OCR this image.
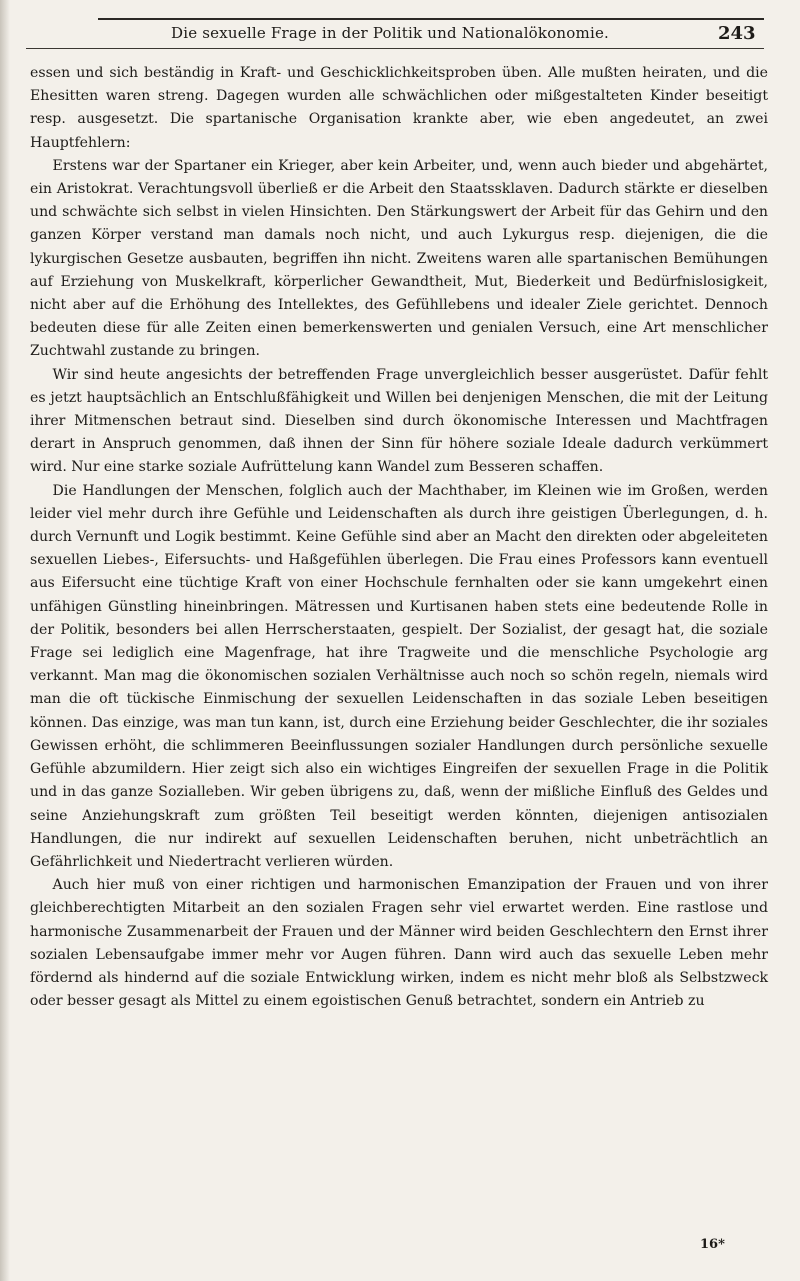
Die sexuelle Frage in der Politik und Nationalökonomie.	243

essen und sich beständig in Kraft- und Geschicklichkeitsproben üben. Alle mußten heiraten, und die Ehesitten waren streng. Dagegen wurden alle schwächlichen oder mißgestalteten Kinder beseitigt resp. ausgesetzt. Die spartanische Organisation krankte aber, wie eben angedeutet, an zwei Hauptfehlern:

Erstens war der Spartaner ein Krieger, aber kein Arbeiter, und, wenn auch bieder und abgehärtet, ein Aristokrat. Verachtungsvoll überließ er die Arbeit den Staatssklaven. Dadurch stärkte er dieselben und schwächte sich selbst in vielen Hinsichten. Den Stärkungswert der Arbeit für das Gehirn und den ganzen Körper verstand man damals noch nicht, und auch Lykurgus resp. diejenigen, die die lykurgischen Gesetze ausbauten, begriffen ihn nicht. Zweitens waren alle spartanischen Bemühungen auf Erziehung von Muskelkraft, körperlicher Gewandtheit, Mut, Biederkeit und Bedürfnislosigkeit, nicht aber auf die Erhöhung des Intellektes, des Gefühllebens und idealer Ziele gerichtet. Dennoch bedeuten diese für alle Zeiten einen bemerkenswerten und genialen Versuch, eine Art menschlicher Zuchtwahl zustande zu bringen.

Wir sind heute angesichts der betreffenden Frage unvergleichlich besser ausgerüstet. Dafür fehlt es jetzt hauptsächlich an Entschlußfähigkeit und Willen bei denjenigen Menschen, die mit der Leitung ihrer Mitmenschen betraut sind. Dieselben sind durch ökonomische Interessen und Machtfragen derart in Anspruch genommen, daß ihnen der Sinn für höhere soziale Ideale dadurch verkümmert wird. Nur eine starke soziale Aufrüttelung kann Wandel zum Besseren schaffen.

Die Handlungen der Menschen, folglich auch der Machthaber, im Kleinen wie im Großen, werden leider viel mehr durch ihre Gefühle und Leidenschaften als durch ihre geistigen Überlegungen, d. h. durch Vernunft und Logik bestimmt. Keine Gefühle sind aber an Macht den direkten oder abgeleiteten sexuellen Liebes-, Eifersuchts- und Haßgefühlen überlegen. Die Frau eines Professors kann eventuell aus Eifersucht eine tüchtige Kraft von einer Hochschule fernhalten oder sie kann umgekehrt einen unfähigen Günstling hineinbringen. Mätressen und Kurtisanen haben stets eine bedeutende Rolle in der Politik, besonders bei allen Herrscherstaaten, gespielt. Der Sozialist, der gesagt hat, die soziale Frage sei lediglich eine Magenfrage, hat ihre Tragweite und die menschliche Psychologie arg verkannt. Man mag die ökonomischen sozialen Verhältnisse auch noch so schön regeln, niemals wird man die oft tückische Einmischung der sexuellen Leidenschaften in das soziale Leben beseitigen können. Das einzige, was man tun kann, ist, durch eine Erziehung beider Geschlechter, die ihr soziales Gewissen erhöht, die schlimmeren Beeinflussungen sozialer Handlungen durch persönliche sexuelle Gefühle abzumildern. Hier zeigt sich also ein wichtiges Eingreifen der sexuellen Frage in die Politik und in das ganze Sozialleben. Wir geben übrigens zu, daß, wenn der mißliche Einfluß des Geldes und seine Anziehungskraft zum größten Teil beseitigt werden könnten, diejenigen antisozialen Handlungen, die nur indirekt auf sexuellen Leidenschaften beruhen, nicht unbeträchtlich an Gefährlichkeit und Niedertracht verlieren würden.

Auch hier muß von einer richtigen und harmonischen Emanzipation der Frauen und von ihrer gleichberechtigten Mitarbeit an den sozialen Fragen sehr viel erwartet werden. Eine rastlose und harmonische Zusammenarbeit der Frauen und der Männer wird beiden Geschlechtern den Ernst ihrer sozialen Lebensaufgabe immer mehr vor Augen führen. Dann wird auch das sexuelle Leben mehr fördernd als hindernd auf die soziale Entwicklung wirken, indem es nicht mehr bloß als Selbstzweck oder besser gesagt als Mittel zu einem egoistischen Genuß betrachtet, sondern ein Antrieb zu

16*
